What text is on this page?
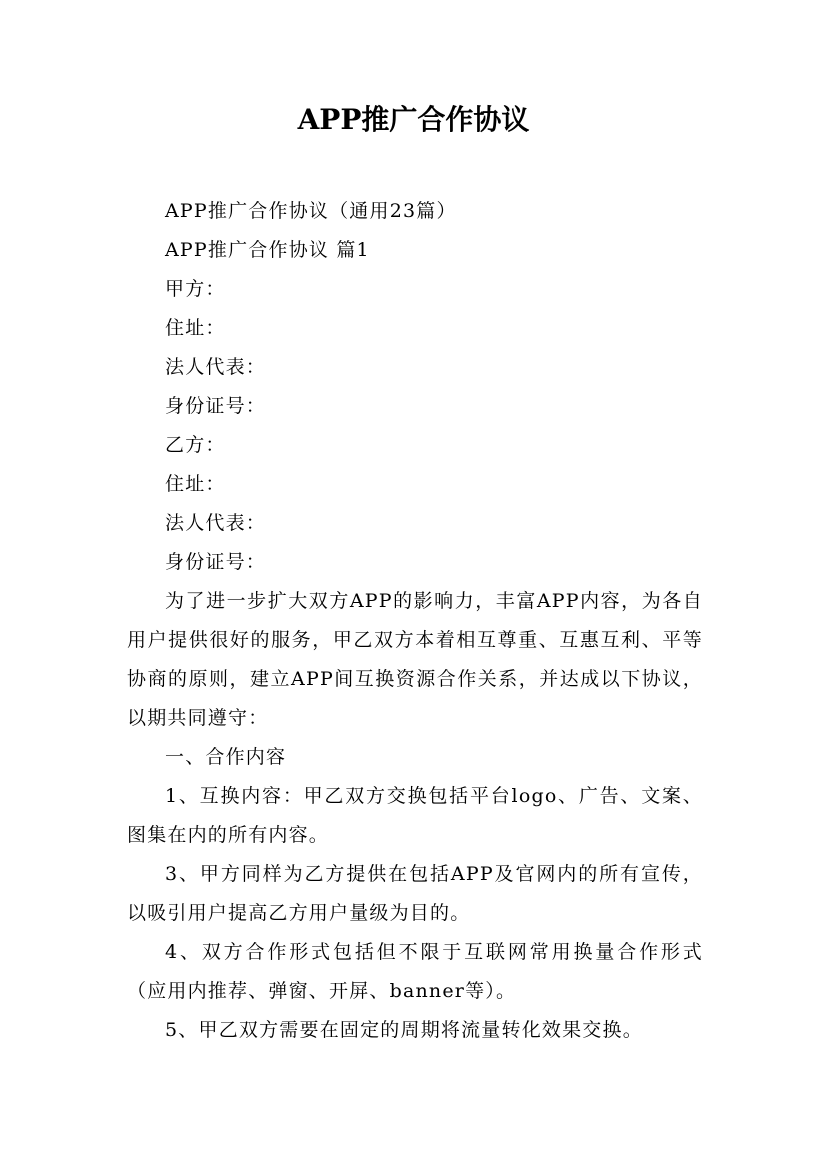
APP推广合作协议

APP推广合作协议（通用23篇）

APP推广合作协议 篇1

甲方：

住址：

法人代表：

身份证号：

乙方：

住址：

法人代表：

身份证号：

为了进一步扩大双方APP的影响力，丰富APP内容，为各自用户提供很好的服务，甲乙双方本着相互尊重、互惠互利、平等协商的原则，建立APP间互换资源合作关系，并达成以下协议，以期共同遵守：

一、合作内容

1、互换内容：甲乙双方交换包括平台logo、广告、文案、图集在内的所有内容。

3、甲方同样为乙方提供在包括APP及官网内的所有宣传，以吸引用户提高乙方用户量级为目的。

4、双方合作形式包括但不限于互联网常用换量合作形式（应用内推荐、弹窗、开屏、banner等）。

5、甲乙双方需要在固定的周期将流量转化效果交换。
